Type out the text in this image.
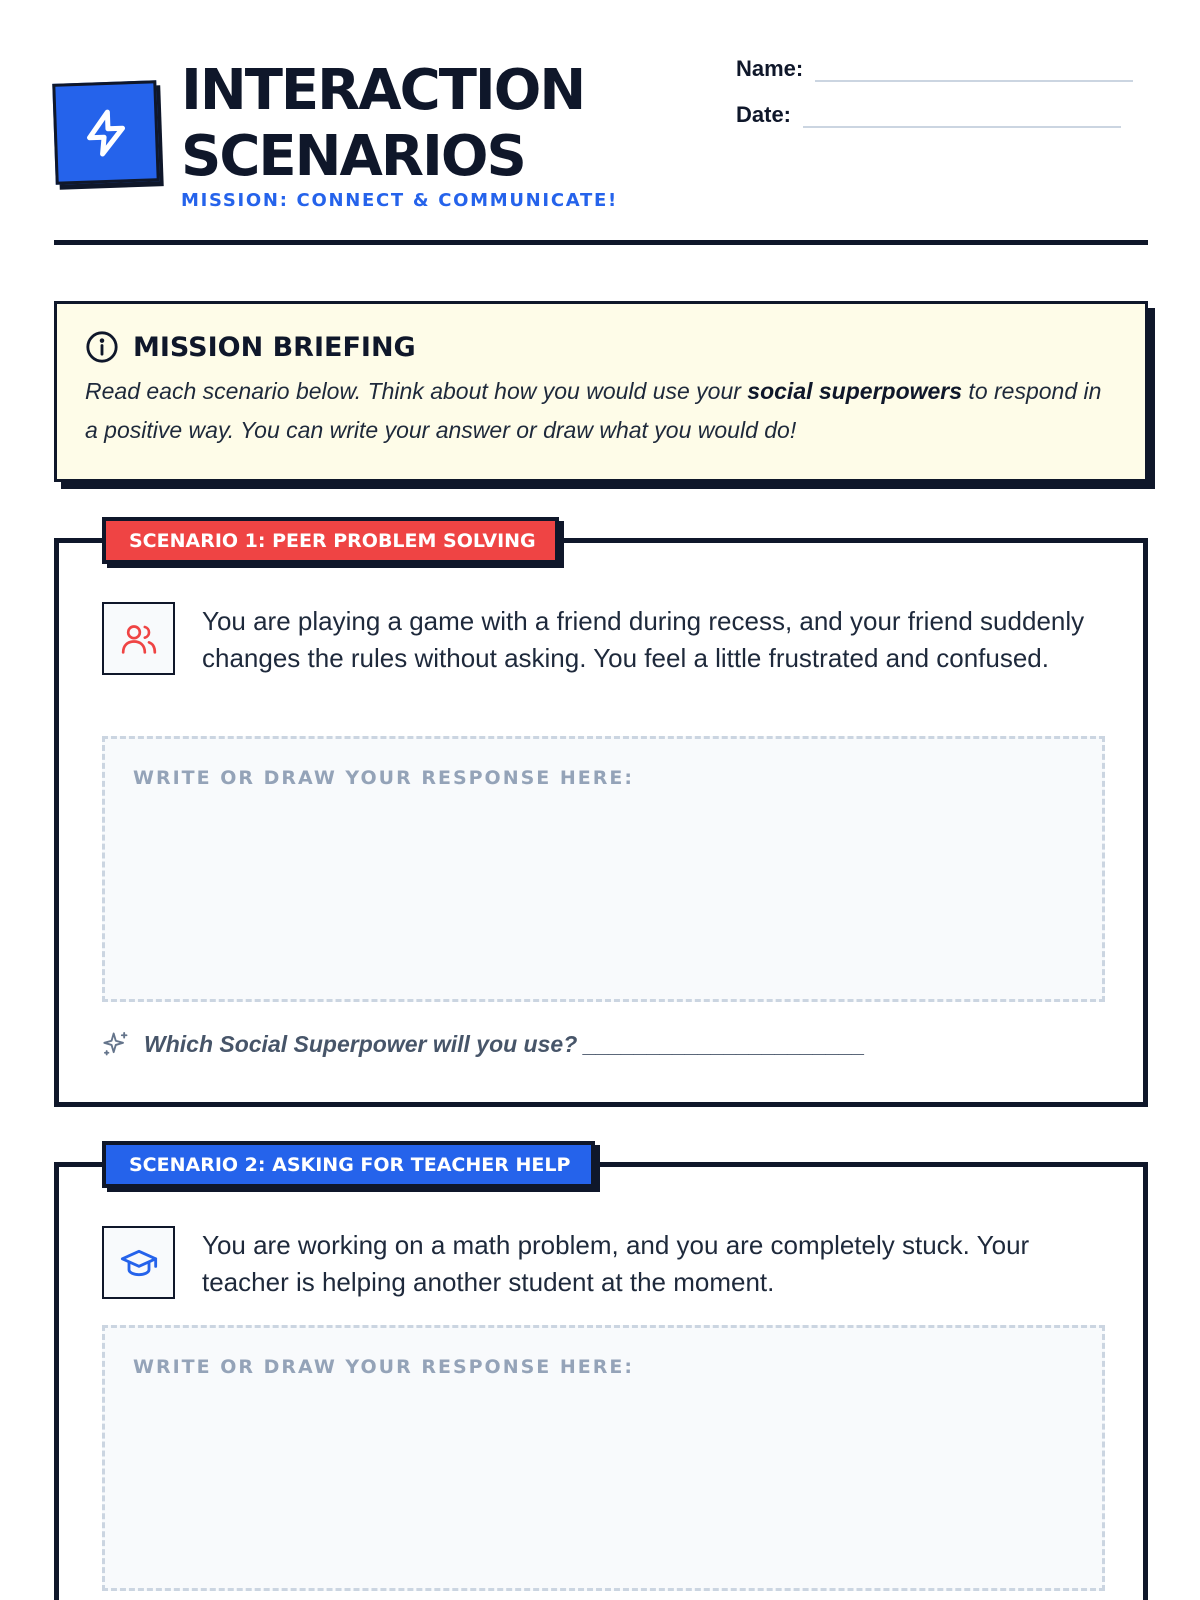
INTERACTION
SCENARIOS
MISSION: CONNECT & COMMUNICATE!
Name:
Date:
MISSION BRIEFING

Read each scenario below. Think about how you would use your social superpowers to respond in a positive way. You can write your answer or draw what you would do!

SCENARIO 1: PEER PROBLEM SOLVING

You are playing a game with a friend during recess, and your friend suddenly changes the rules without asking. You feel a little frustrated and confused.

WRITE OR DRAW YOUR RESPONSE HERE:
Which Social Superpower will you use? ______________________
SCENARIO 2: ASKING FOR TEACHER HELP

You are working on a math problem, and you are completely stuck. Your teacher is helping another student at the moment.

WRITE OR DRAW YOUR RESPONSE HERE:
